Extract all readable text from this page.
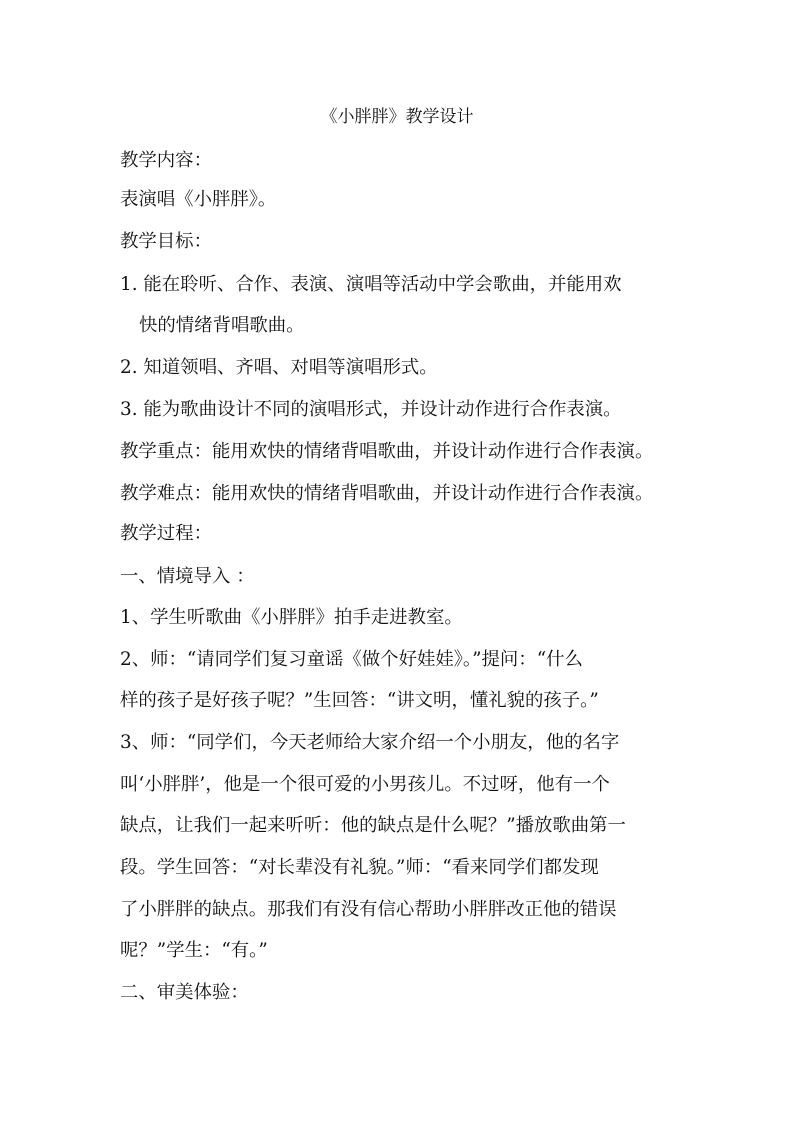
《小胖胖》教学设计
教学内容：
表演唱《小胖胖》。
教学目标：
1. 能在聆听、合作、表演、演唱等活动中学会歌曲，并能用欢
快的情绪背唱歌曲。
2. 知道领唱、齐唱、对唱等演唱形式。
3. 能为歌曲设计不同的演唱形式，并设计动作进行合作表演。
教学重点：能用欢快的情绪背唱歌曲，并设计动作进行合作表演。
教学难点：能用欢快的情绪背唱歌曲，并设计动作进行合作表演。
教学过程：
一、情境导入 ：
1、学生听歌曲《小胖胖》拍手走进教室。
2、师：“请同学们复习童谣《做个好娃娃》。”提问：“什么
样的孩子是好孩子呢？”生回答：“讲文明，懂礼貌的孩子。”
3、师：“同学们，今天老师给大家介绍一个小朋友，他的名字
叫‘小胖胖’，他是一个很可爱的小男孩儿。不过呀，他有一个
缺点，让我们一起来听听：他的缺点是什么呢？”播放歌曲第一
段。学生回答：“对长辈没有礼貌。”师：“看来同学们都发现
了小胖胖的缺点。那我们有没有信心帮助小胖胖改正他的错误
呢？”学生：“有。”
二、审美体验：
